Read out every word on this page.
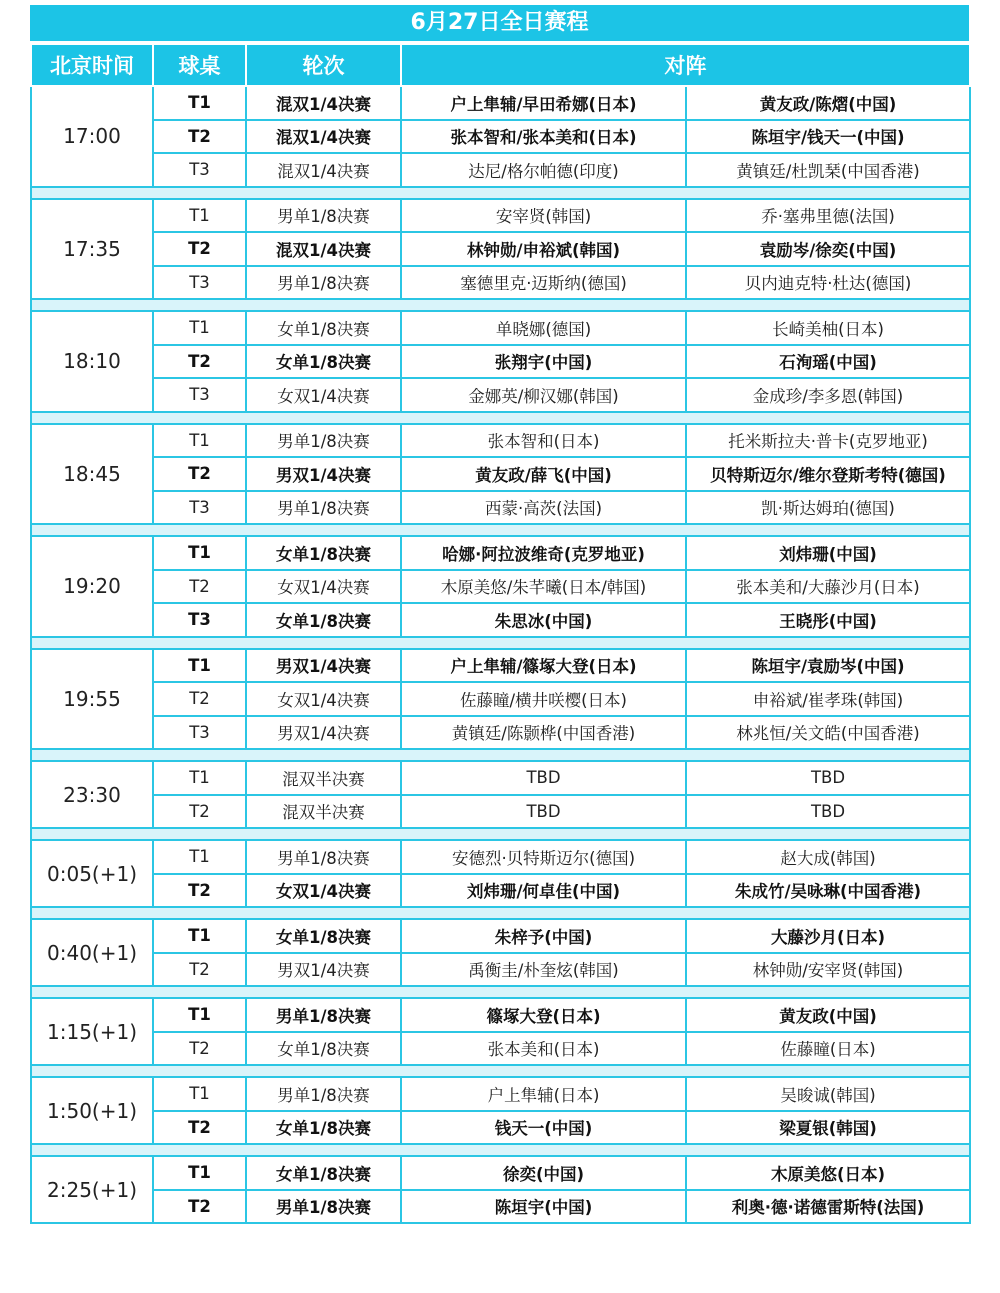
6月27日全日赛程
北京时间	球桌	轮次	对阵	
17:00	T1	混双1/4决赛	户上隼辅/早田希娜(日本)	黄友政/陈熠(中国)
	T2	混双1/4决赛	张本智和/张本美和(日本)	陈垣宇/钱天一(中国)
	T3	混双1/4决赛	达尼/格尔帕德(印度)	黄镇廷/杜凯琹(中国香港)

17:35	T1	男单1/8决赛	安宰贤(韩国)	乔·塞弗里德(法国)
	T2	混双1/4决赛	林钟勋/申裕斌(韩国)	袁励岑/徐奕(中国)
	T3	男单1/8决赛	塞德里克·迈斯纳(德国)	贝内迪克特·杜达(德国)

18:10	T1	女单1/8决赛	单晓娜(德国)	长崎美柚(日本)
	T2	女单1/8决赛	张翔宇(中国)	石洵瑶(中国)
	T3	女双1/4决赛	金娜英/柳汉娜(韩国)	金成珍/李多恩(韩国)

18:45	T1	男单1/8决赛	张本智和(日本)	托米斯拉夫·普卡(克罗地亚)
	T2	男双1/4决赛	黄友政/薛飞(中国)	贝特斯迈尔/维尔登斯考特(德国)
	T3	男单1/8决赛	西蒙·高茨(法国)	凯·斯达姆珀(德国)

19:20	T1	女单1/8决赛	哈娜·阿拉波维奇(克罗地亚)	刘炜珊(中国)
	T2	女双1/4决赛	木原美悠/朱芊曦(日本/韩国)	张本美和/大藤沙月(日本)
	T3	女单1/8决赛	朱思冰(中国)	王晓彤(中国)

19:55	T1	男双1/4决赛	户上隼辅/篠塚大登(日本)	陈垣宇/袁励岑(中国)
	T2	女双1/4决赛	佐藤瞳/横井咲樱(日本)	申裕斌/崔孝珠(韩国)
	T3	男双1/4决赛	黄镇廷/陈颢桦(中国香港)	林兆恒/关文皓(中国香港)

23:30	T1	混双半决赛	TBD	TBD
	T2	混双半决赛	TBD	TBD

0:05(+1)	T1	男单1/8决赛	安德烈·贝特斯迈尔(德国)	赵大成(韩国)
	T2	女双1/4决赛	刘炜珊/何卓佳(中国)	朱成竹/吴咏琳(中国香港)

0:40(+1)	T1	女单1/8决赛	朱梓予(中国)	大藤沙月(日本)
	T2	男双1/4决赛	禹衡圭/朴奎炫(韩国)	林钟勋/安宰贤(韩国)

1:15(+1)	T1	男单1/8决赛	篠塚大登(日本)	黄友政(中国)
	T2	女单1/8决赛	张本美和(日本)	佐藤瞳(日本)

1:50(+1)	T1	男单1/8决赛	户上隼辅(日本)	吴晙诚(韩国)
	T2	女单1/8决赛	钱天一(中国)	梁夏银(韩国)

2:25(+1)	T1	女单1/8决赛	徐奕(中国)	木原美悠(日本)
	T2	男单1/8决赛	陈垣宇(中国)	利奥·德·诺德雷斯特(法国)
